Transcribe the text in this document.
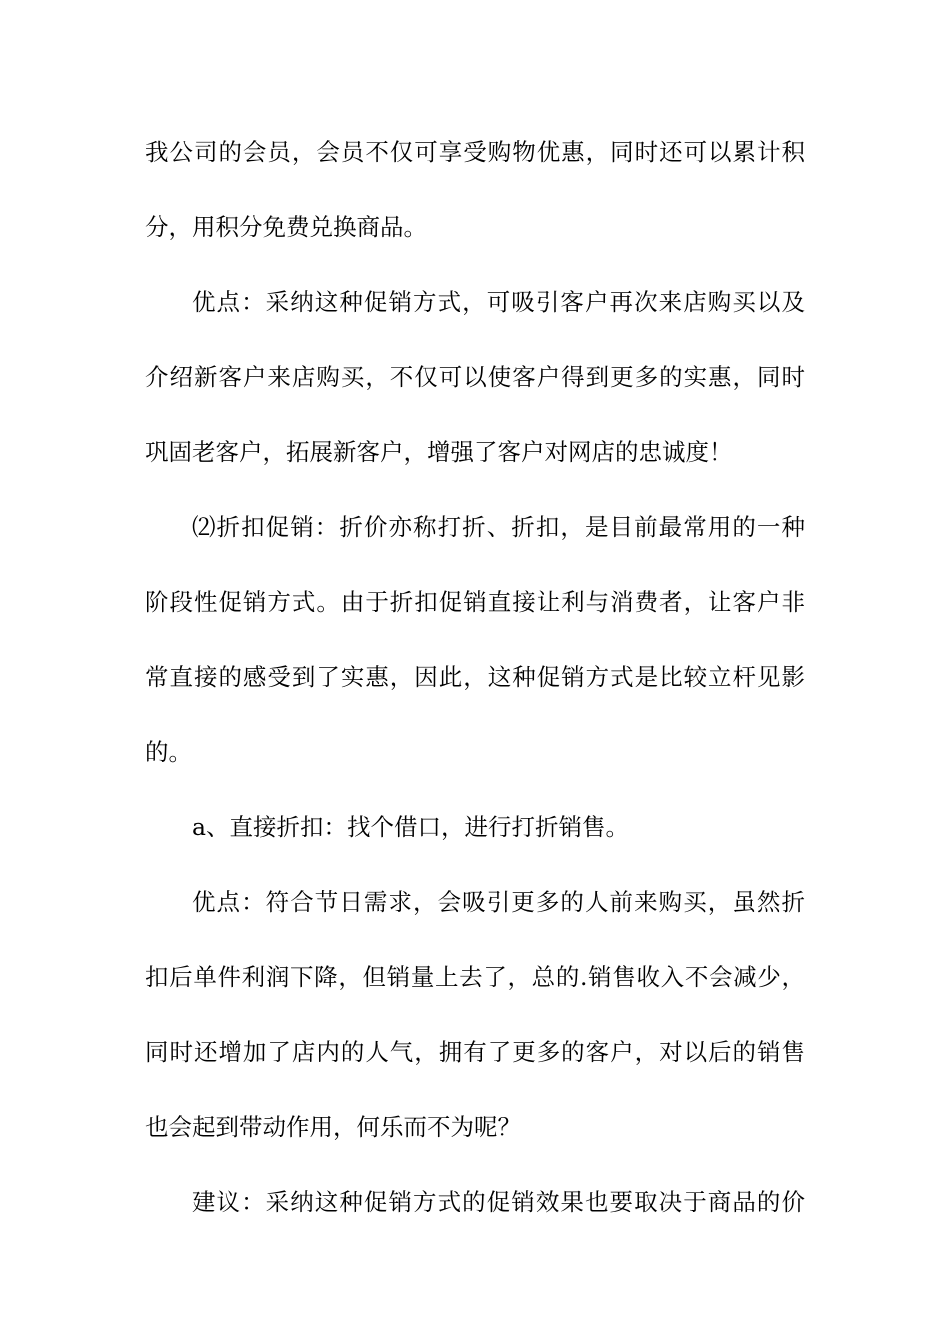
我公司的会员，会员不仅可享受购物优惠，同时还可以累计积
分，用积分免费兑换商品。
优点：采纳这种促销方式，可吸引客户再次来店购买以及
介绍新客户来店购买，不仅可以使客户得到更多的实惠，同时
巩固老客户，拓展新客户，增强了客户对网店的忠诚度！
⑵折扣促销：折价亦称打折、折扣，是目前最常用的一种
阶段性促销方式。由于折扣促销直接让利与消费者，让客户非
常直接的感受到了实惠，因此，这种促销方式是比较立杆见影
的。
a、直接折扣：找个借口，进行打折销售。
优点：符合节日需求，会吸引更多的人前来购买，虽然折
扣后单件利润下降，但销量上去了，总的.销售收入不会减少，
同时还增加了店内的人气，拥有了更多的客户，对以后的销售
也会起到带动作用，何乐而不为呢？
建议：采纳这种促销方式的促销效果也要取决于商品的价
